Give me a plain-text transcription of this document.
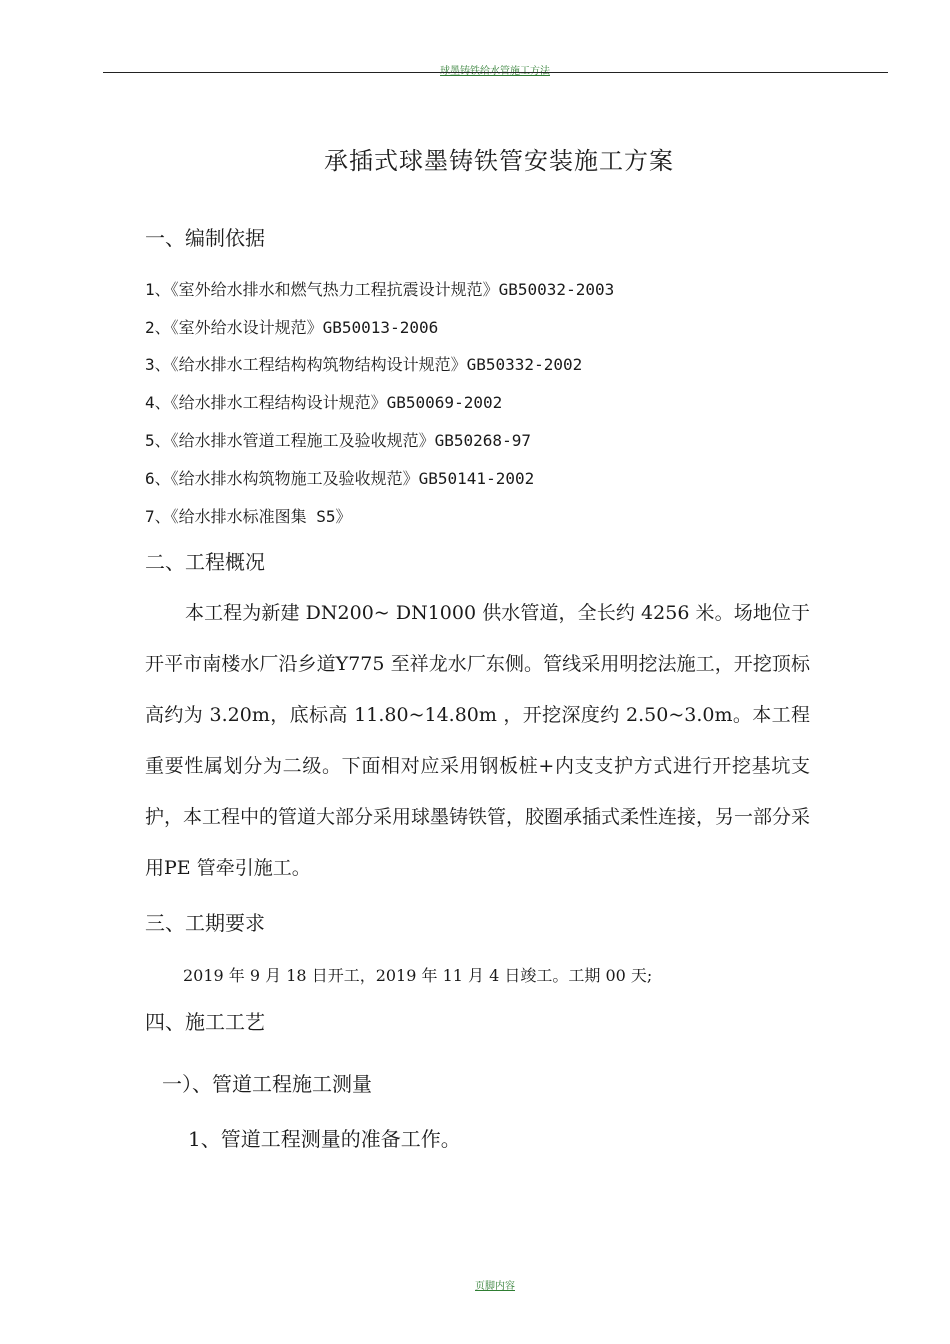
球墨铸铁给水管施工方法
承插式球墨铸铁管安装施工方案
一、编制依据
1、《室外给水排水和燃气热力工程抗震设计规范》GB50032-2003
2、《室外给水设计规范》GB50013-2006
3、《给水排水工程结构构筑物结构设计规范》GB50332-2002
4、《给水排水工程结构设计规范》GB50069-2002
5、《给水排水管道工程施工及验收规范》GB50268-97
6、《给水排水构筑物施工及验收规范》GB50141-2002
7、《给水排水标准图集 S5》
二、工程概况
本工程为新建 DN200~ DN1000 供水管道，全长约 4256 米。场地位于开平市南楼水厂沿乡道Y775 至祥龙水厂东侧。管线采用明挖法施工，开挖顶标高约为 3.20m，底标高 11.80~14.80m ，开挖深度约 2.50~3.0m。本工程重要性属划分为二级。下面相对应采用钢板桩+内支支护方式进行开挖基坑支护，本工程中的管道大部分采用球墨铸铁管，胶圈承插式柔性连接，另一部分采用PE 管牵引施工。
三、工期要求
2019 年 9 月 18 日开工，2019 年 11 月 4 日竣工。工期 00 天;
四、施工工艺
一）、管道工程施工测量
1、管道工程测量的准备工作。
页脚内容
